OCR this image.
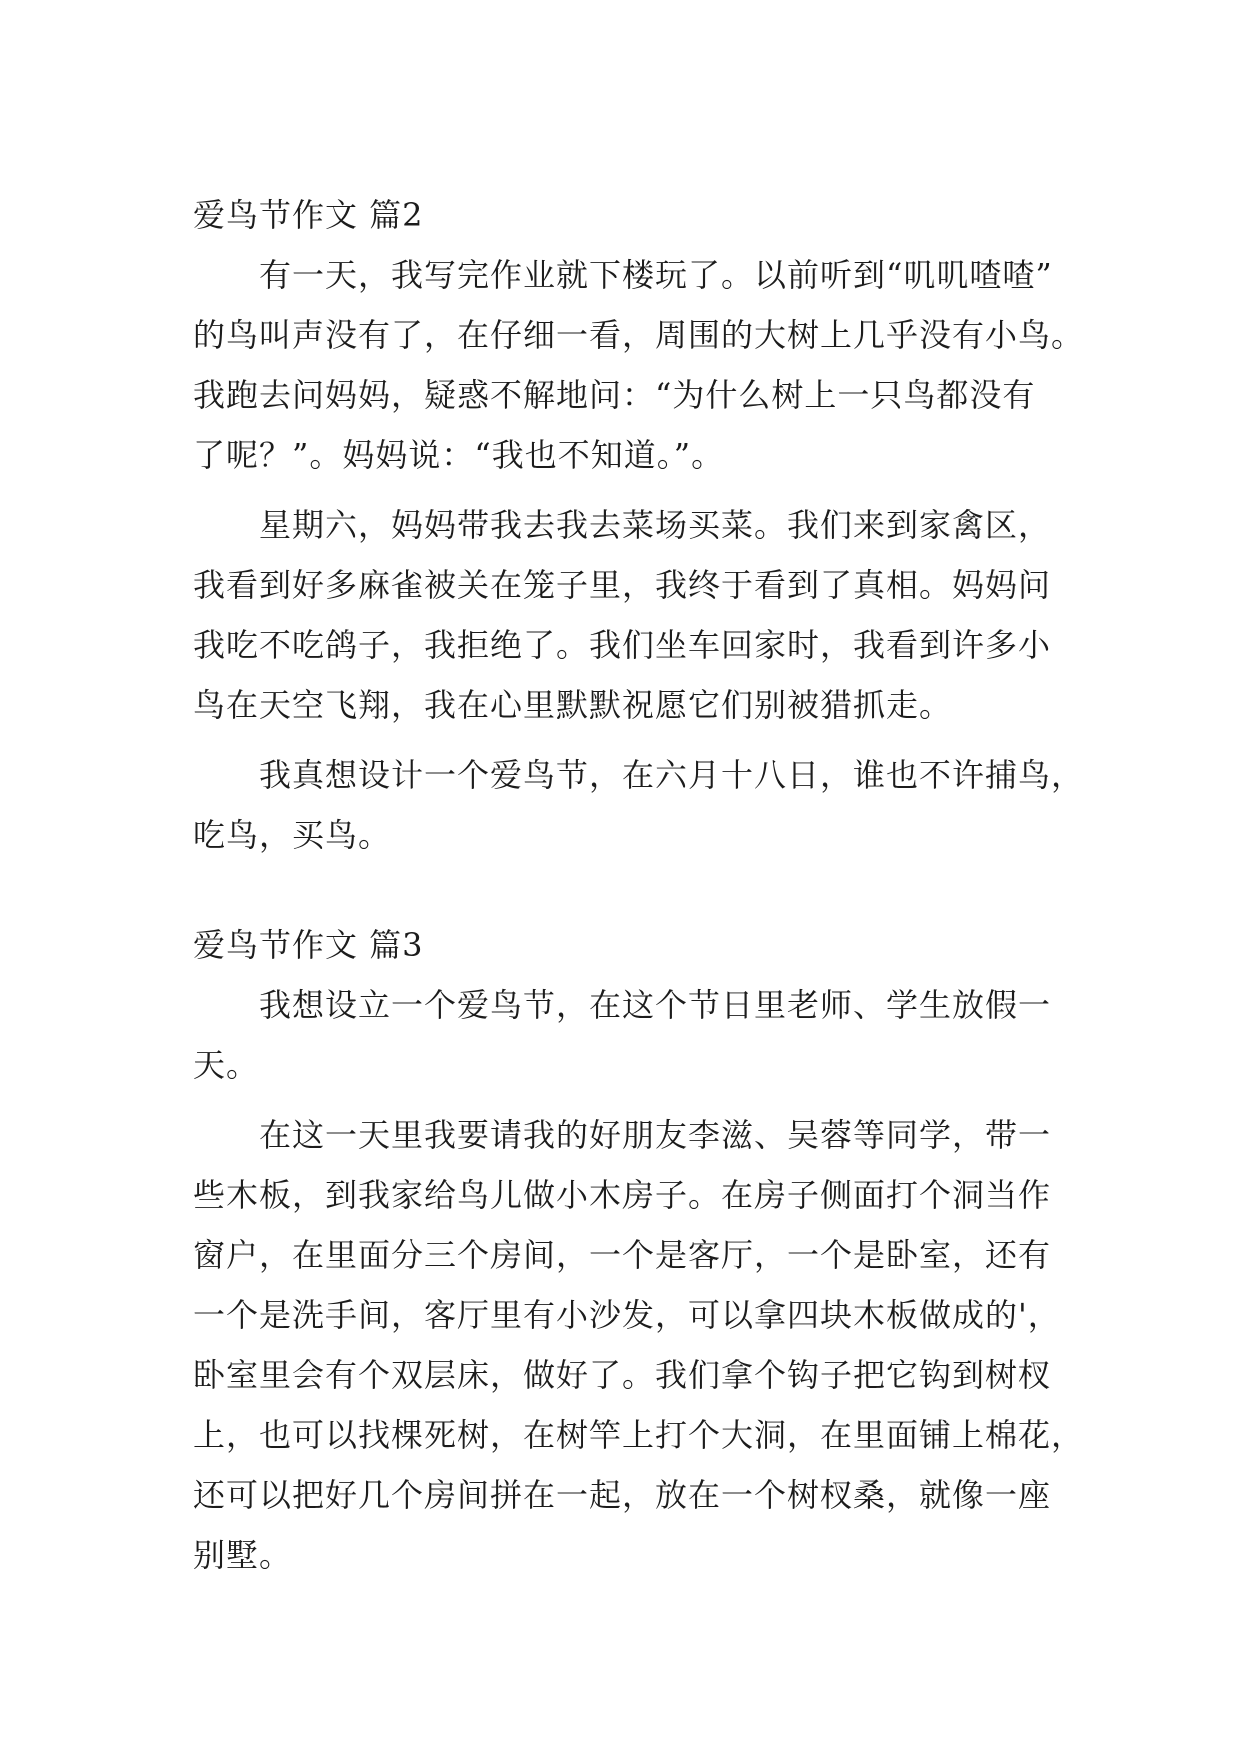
爱鸟节作文 篇2
有一天，我写完作业就下楼玩了。以前听到“叽叽喳喳”
的鸟叫声没有了，在仔细一看，周围的大树上几乎没有小鸟。
我跑去问妈妈，疑惑不解地问：“为什么树上一只鸟都没有
了呢？”。妈妈说：“我也不知道。”。
星期六，妈妈带我去我去菜场买菜。我们来到家禽区，
我看到好多麻雀被关在笼子里，我终于看到了真相。妈妈问
我吃不吃鸽子，我拒绝了。我们坐车回家时，我看到许多小
鸟在天空飞翔，我在心里默默祝愿它们别被猎抓走。
我真想设计一个爱鸟节，在六月十八日，谁也不许捕鸟，
吃鸟，买鸟。
爱鸟节作文 篇3
我想设立一个爱鸟节，在这个节日里老师、学生放假一
天。
在这一天里我要请我的好朋友李滋、吴蓉等同学，带一
些木板，到我家给鸟儿做小木房子。在房子侧面打个洞当作
窗户，在里面分三个房间，一个是客厅，一个是卧室，还有
一个是洗手间，客厅里有小沙发，可以拿四块木板做成的'，
卧室里会有个双层床，做好了。我们拿个钩子把它钩到树杈
上，也可以找棵死树，在树竿上打个大洞，在里面铺上棉花，
还可以把好几个房间拼在一起，放在一个树杈桑，就像一座
别墅。
